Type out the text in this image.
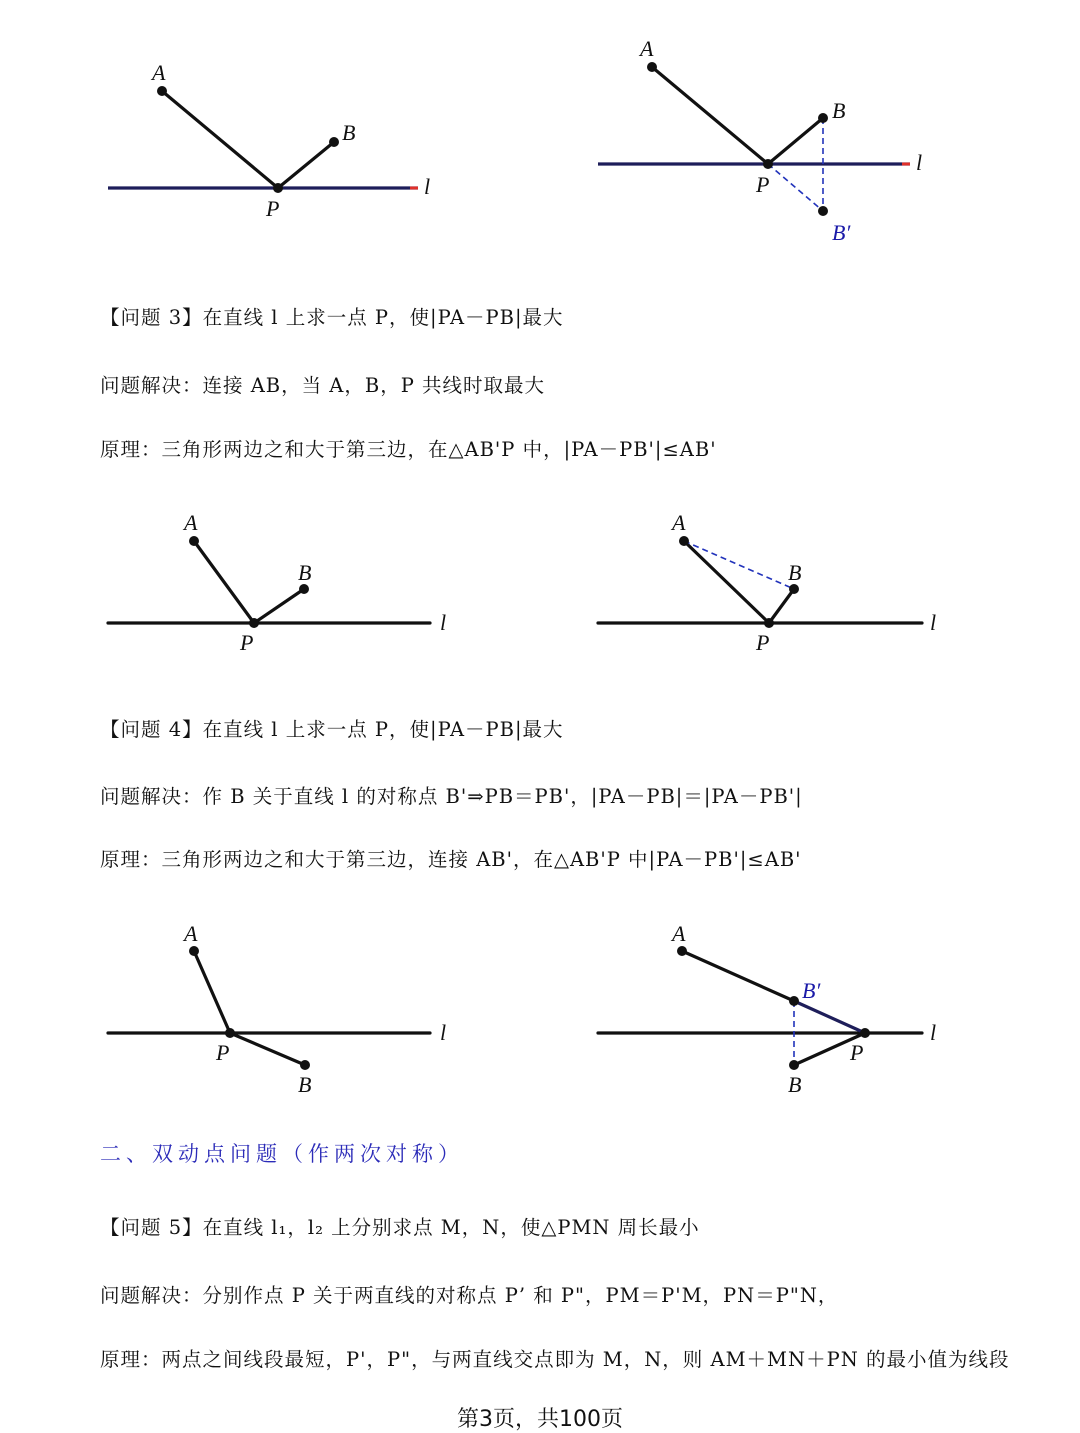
A
B
P
l
A
B
P
l
B′
【问题 3】在直线 l 上求一点 P，使|PA－PB|最大
问题解决：连接 AB，当 A，B，P 共线时取最大
原理：三角形两边之和大于第三边，在△AB'P 中，|PA－PB'|≤AB'
A
B
P
l
A
B
P
l
【问题 4】在直线 l 上求一点 P，使|PA－PB|最大
问题解决：作 B 关于直线 l 的对称点 B'⇒PB＝PB'，|PA－PB|＝|PA－PB'|
原理：三角形两边之和大于第三边，连接 AB'，在△AB'P 中|PA－PB'|≤AB'
A
B
P
l
A
B′
B
P
l
二、双动点问题（作两次对称）
【问题 5】在直线 l₁，l₂ 上分别求点 M，N，使△PMN 周长最小
问题解决：分别作点 P 关于两直线的对称点 P’ 和 P"，PM＝P'M，PN＝P"N，
原理：两点之间线段最短，P'，P"，与两直线交点即为 M，N，则 AM＋MN＋PN 的最小值为线段
第3页，共100页
